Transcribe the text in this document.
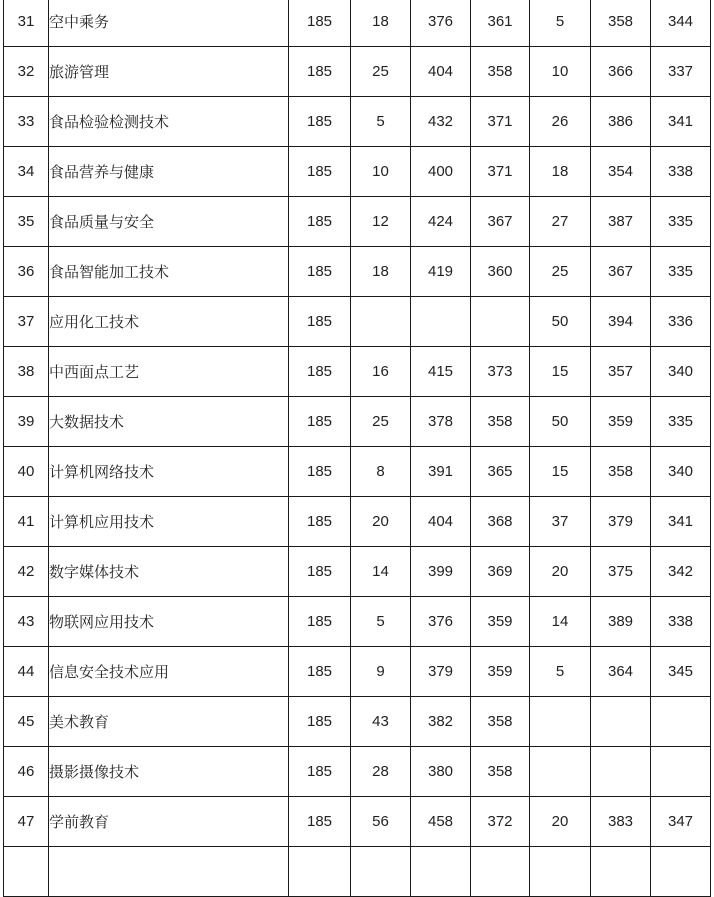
31	空中乘务	185	18	376	361	5	358	344
32	旅游管理	185	25	404	358	10	366	337
33	食品检验检测技术	185	5	432	371	26	386	341
34	食品营养与健康	185	10	400	371	18	354	338
35	食品质量与安全	185	12	424	367	27	387	335
36	食品智能加工技术	185	18	419	360	25	367	335
37	应用化工技术	185				50	394	336
38	中西面点工艺	185	16	415	373	15	357	340
39	大数据技术	185	25	378	358	50	359	335
40	计算机网络技术	185	8	391	365	15	358	340
41	计算机应用技术	185	20	404	368	37	379	341
42	数字媒体技术	185	14	399	369	20	375	342
43	物联网应用技术	185	5	376	359	14	389	338
44	信息安全技术应用	185	9	379	359	5	364	345
45	美术教育	185	43	382	358			
46	摄影摄像技术	185	28	380	358			
47	学前教育	185	56	458	372	20	383	347
